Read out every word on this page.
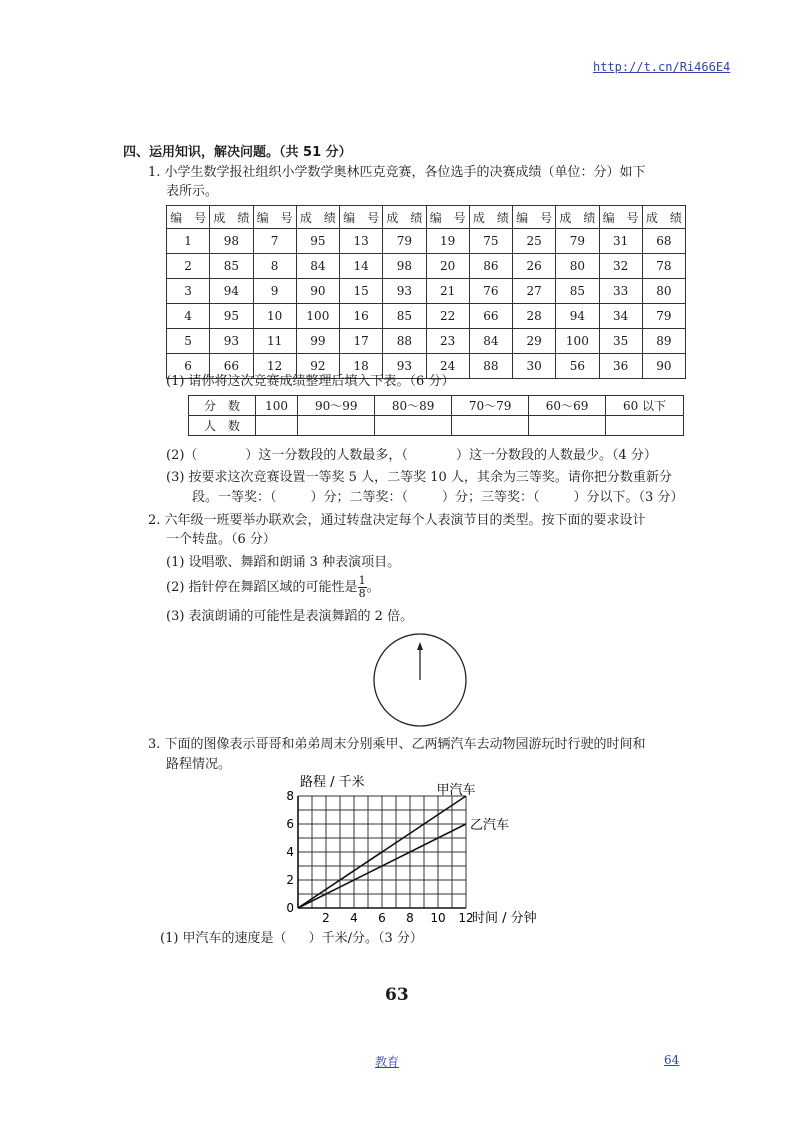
http://t.cn/Ri466E4
四、运用知识，解决问题。（共 51 分）
1. 小学生数学报社组织小学数学奥林匹克竞赛，各位选手的决赛成绩（单位：分）如下
表所示。
编　号	成　绩	编　号	成　绩	编　号	成　绩	编　号	成　绩	编　号	成　绩	编　号	成　绩
1	98	7	95	13	79	19	75	25	79	31	68
2	85	8	84	14	98	20	86	26	80	32	78
3	94	9	90	15	93	21	76	27	85	33	80
4	95	10	100	16	85	22	66	28	94	34	79
5	93	11	99	17	88	23	84	29	100	35	89
6	66	12	92	18	93	24	88	30	56	36	90
(1) 请你将这次竞赛成绩整理后填入下表。（6 分）
分　数	100	90～99	80～89	70～79	60～69	60 以下
人　数						
(2)（	）这一分数段的人数最多，（	）这一分数段的人数最少。（4 分）
(3) 按要求这次竞赛设置一等奖 5 人，二等奖 10 人，其余为三等奖。请你把分数重新分
段。一等奖：（	）分；二等奖：（	）分；三等奖：（	）分以下。（3 分）
2. 六年级一班要举办联欢会，通过转盘决定每个人表演节目的类型。按下面的要求设计
一个转盘。（6 分）
(1) 设唱歌、舞蹈和朗诵 3 种表演项目。
(2) 指针停在舞蹈区域的可能性是 $\frac{1}{8}$ 。
(3) 表演朗诵的可能性是表演舞蹈的 2 倍。
3. 下面的图像表示哥哥和弟弟周末分别乘甲、乙两辆汽车去动物园游玩时行驶的时间和
路程情况。
2 4 6 8 10 12
0
2
4
6
8	甲汽车
乙汽车
路程 / 千米
时间 / 分钟
(1) 甲汽车的速度是（ ）千米/分。（3 分）
63
教育	64
